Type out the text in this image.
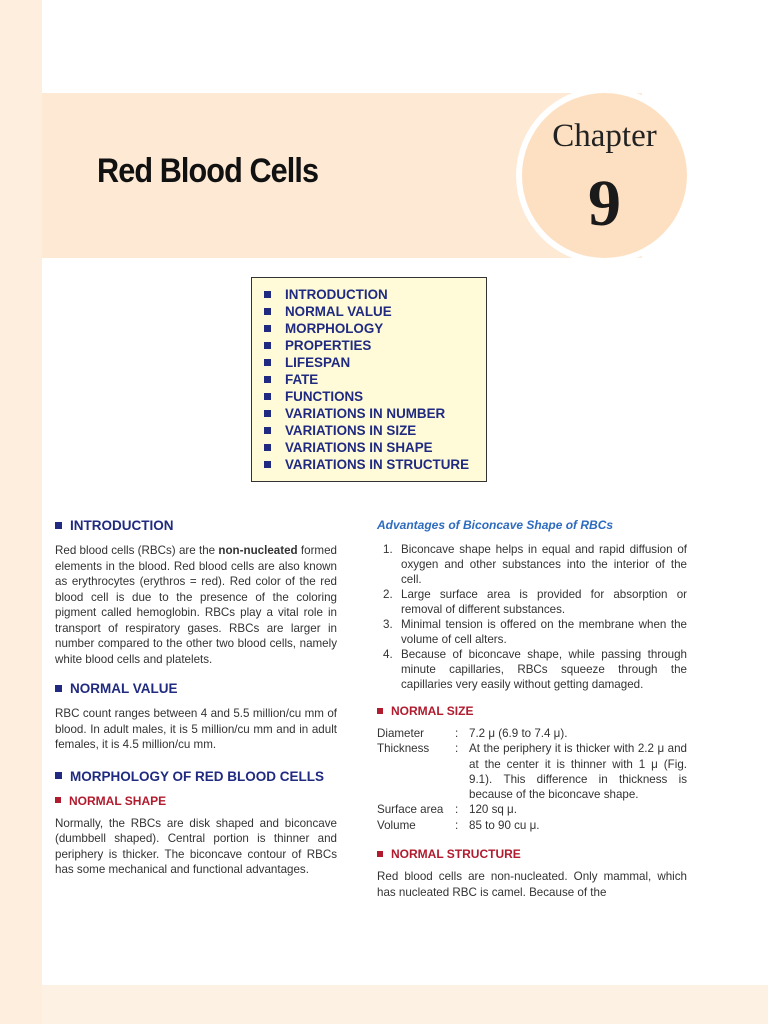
Chapter
9
Red Blood Cells
INTRODUCTION
NORMAL VALUE
MORPHOLOGY
PROPERTIES
LIFESPAN
FATE
FUNCTIONS
VARIATIONS IN NUMBER
VARIATIONS IN SIZE
VARIATIONS IN SHAPE
VARIATIONS IN STRUCTURE
INTRODUCTION

Red blood cells (RBCs) are the non-nucleated formed elements in the blood. Red blood cells are also known as erythrocytes (erythros = red). Red color of the red blood cell is due to the presence of the coloring pigment called hemoglobin. RBCs play a vital role in transport of respiratory gases. RBCs are larger in number compared to the other two blood cells, namely white blood cells and platelets.

NORMAL VALUE

RBC count ranges between 4 and 5.5 million/cu mm of blood. In adult males, it is 5 million/cu mm and in adult females, it is 4.5 million/cu mm.

MORPHOLOGY OF RED BLOOD CELLS
NORMAL SHAPE

Normally, the RBCs are disk shaped and biconcave (dumbbell shaped). Central portion is thinner and periphery is thicker. The biconcave contour of RBCs has some mechanical and functional advantages.

Advantages of Biconcave Shape of RBCs
1. Biconcave shape helps in equal and rapid diffusion of oxygen and other substances into the interior of the cell.
2. Large surface area is provided for absorption or removal of different substances.
3. Minimal tension is offered on the membrane when the volume of cell alters.
4. Because of biconcave shape, while passing through minute capillaries, RBCs squeeze through the capillaries very easily without getting damaged.
NORMAL SIZE
Diameter	: 7.2 μ (6.9 to 7.4 μ).
Thickness	: At the periphery it is thicker with 2.2 μ and at the center it is thinner with 1 μ (Fig. 9.1). This difference in thickness is because of the biconcave shape.
Surface area	: 120 sq μ.
Volume	: 85 to 90 cu μ.
NORMAL STRUCTURE

Red blood cells are non-nucleated. Only mammal, which has nucleated RBC is camel. Because of the
